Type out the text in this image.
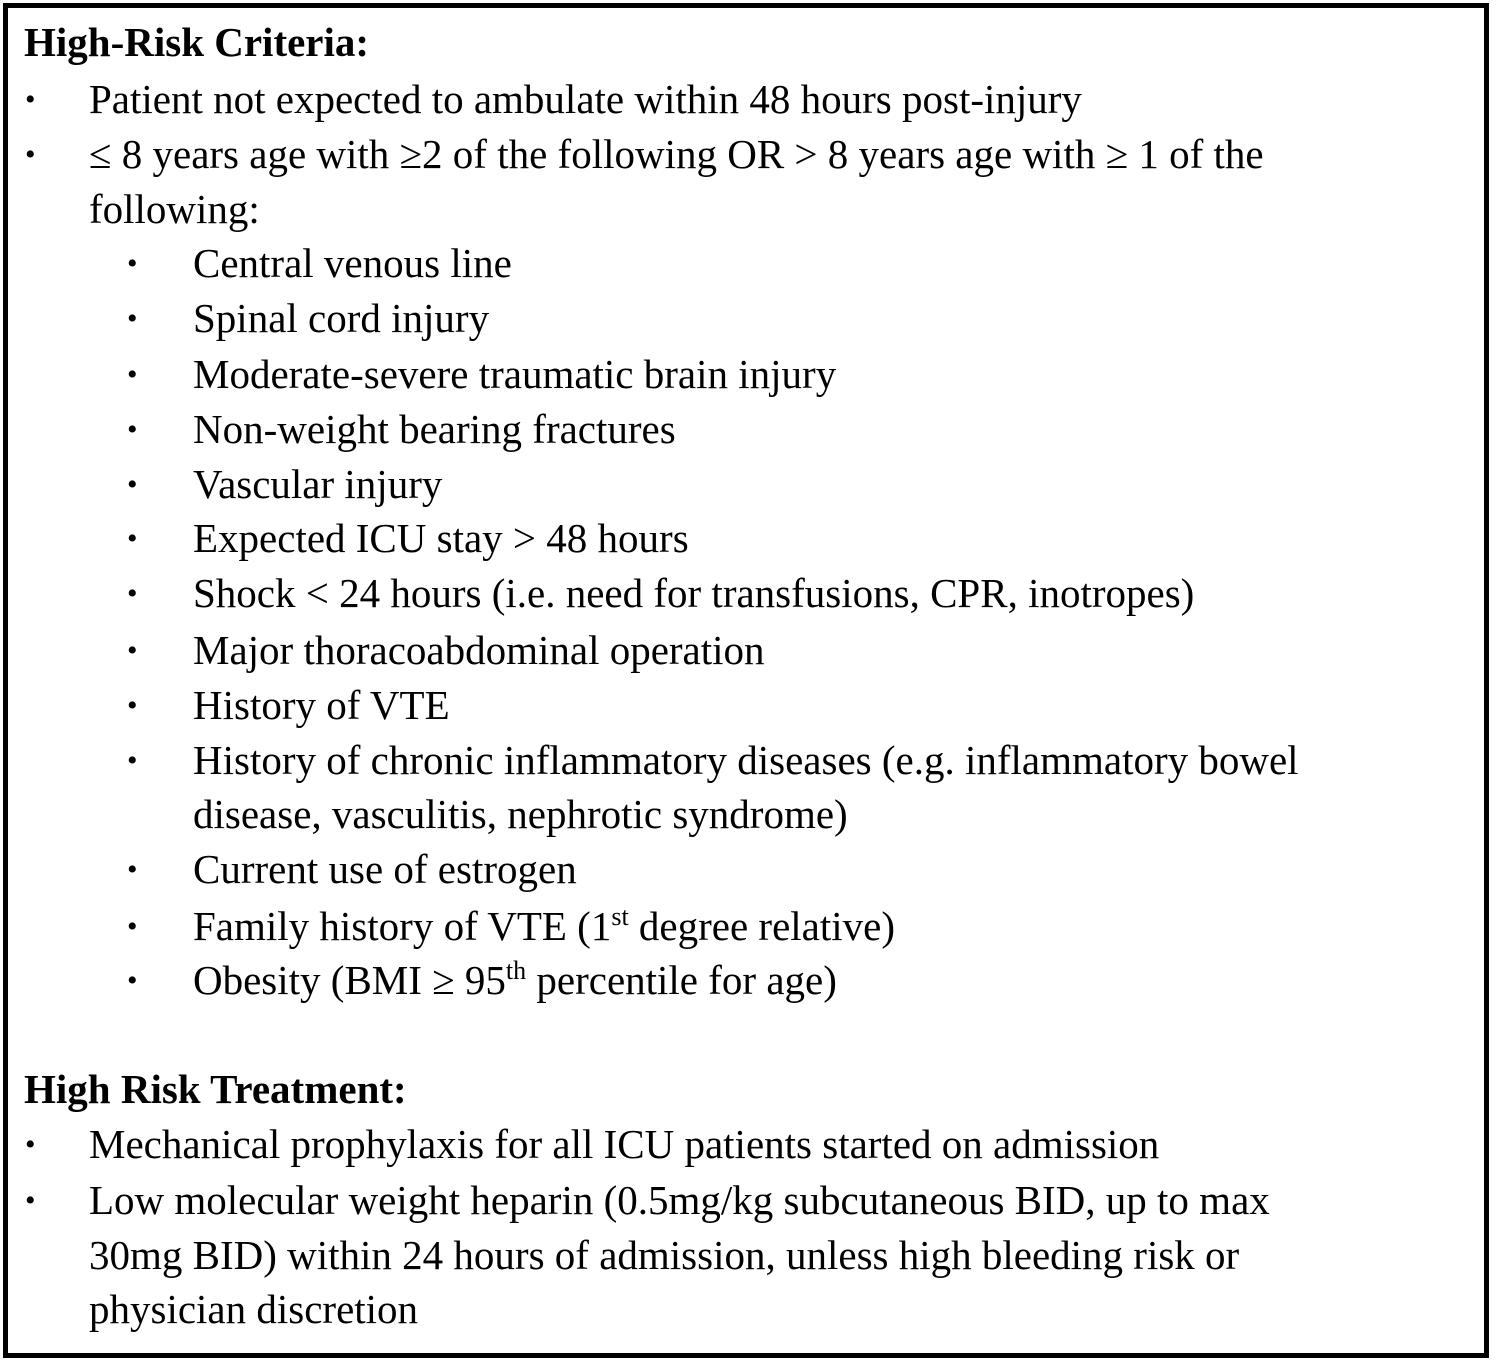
High-Risk Criteria:
• Patient not expected to ambulate within 48 hours post-injury
• ≤ 8 years age with ≥2 of the following OR > 8 years age with ≥ 1 of the
following:
• Central venous line
• Spinal cord injury
• Moderate-severe traumatic brain injury
• Non-weight bearing fractures
• Vascular injury
• Expected ICU stay > 48 hours
• Shock < 24 hours (i.e. need for transfusions, CPR, inotropes)
• Major thoracoabdominal operation
• History of VTE
• History of chronic inflammatory diseases (e.g. inflammatory bowel
disease, vasculitis, nephrotic syndrome)
• Current use of estrogen
• Family history of VTE (1st degree relative)
• Obesity (BMI ≥ 95th percentile for age)
High Risk Treatment:
• Mechanical prophylaxis for all ICU patients started on admission
• Low molecular weight heparin (0.5mg/kg subcutaneous BID, up to max
30mg BID) within 24 hours of admission, unless high bleeding risk or
physician discretion
